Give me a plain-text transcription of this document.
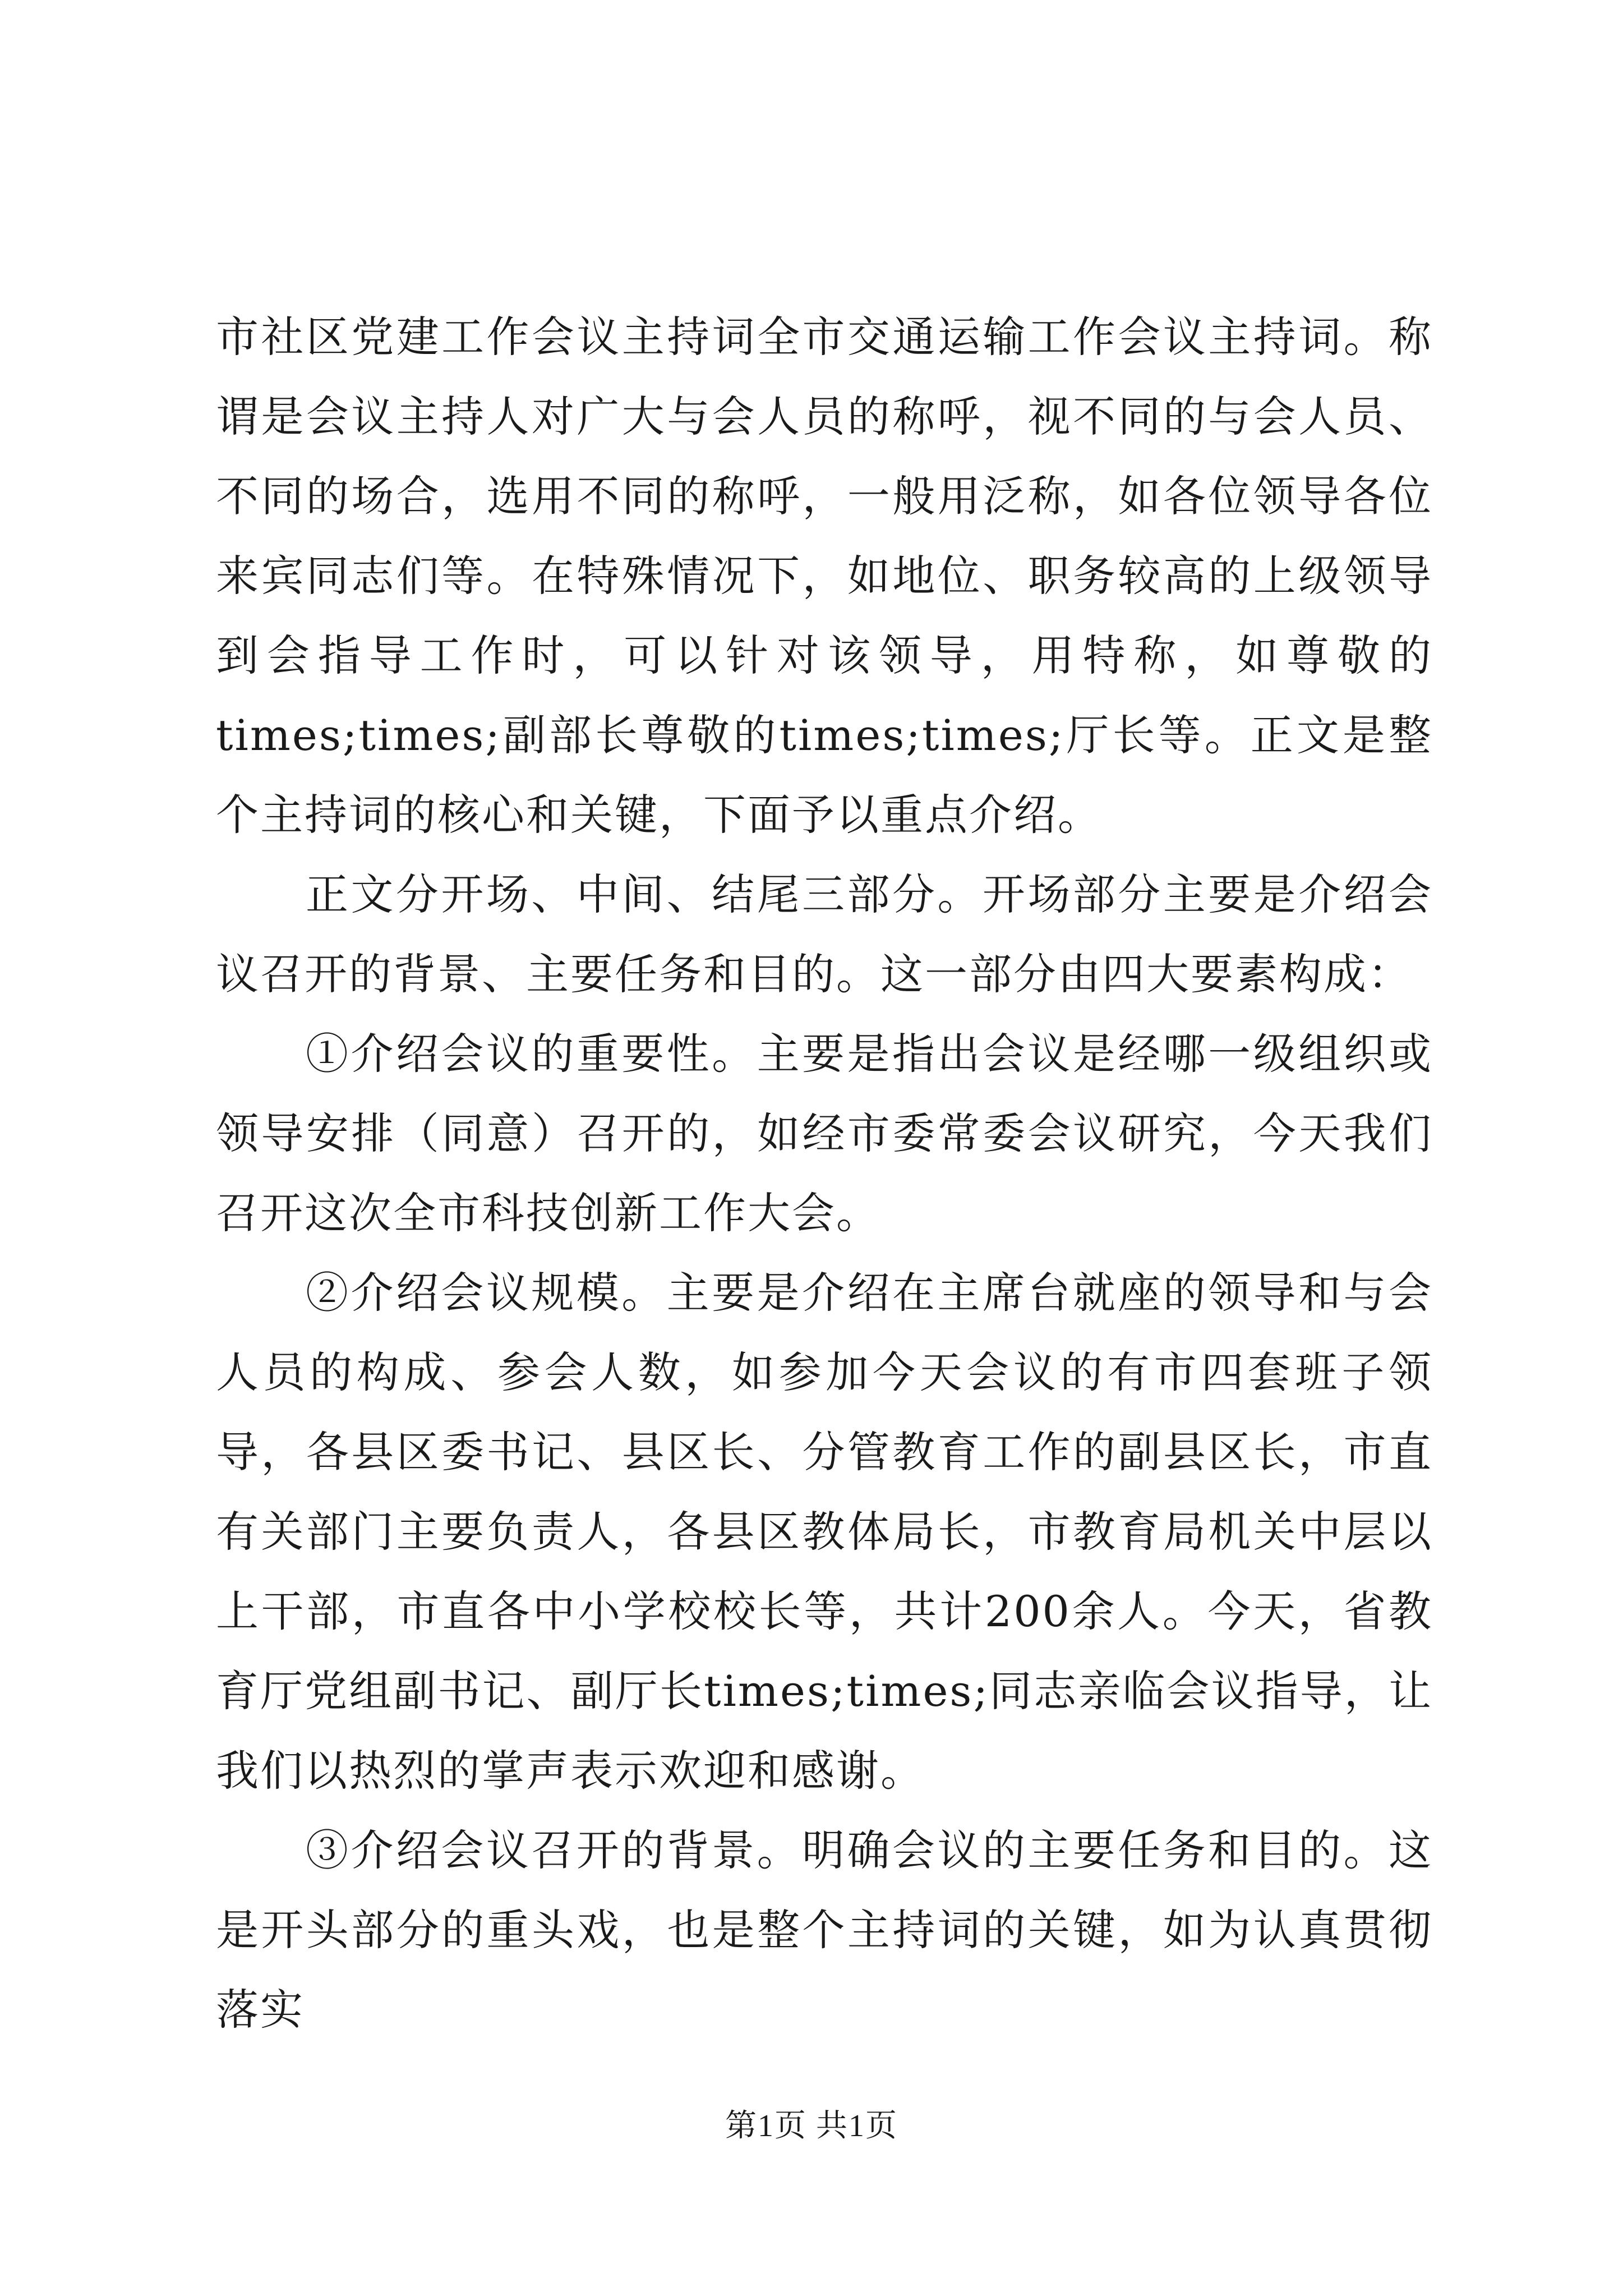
市社区党建工作会议主持词全市交通运输工作会议主持词。称谓是会议主持人对广大与会人员的称呼，视不同的与会人员、不同的场合，选用不同的称呼，一般用泛称，如各位领导各位来宾同志们等。在特殊情况下，如地位、职务较高的上级领导到会指导工作时，可以针对该领导，用特称，如尊敬的times;times;副部长尊敬的times;times;厅长等。正文是整个主持词的核心和关键，下面予以重点介绍。

正文分开场、中间、结尾三部分。开场部分主要是介绍会议召开的背景、主要任务和目的。这一部分由四大要素构成：

①介绍会议的重要性。主要是指出会议是经哪一级组织或领导安排（同意）召开的，如经市委常委会议研究，今天我们召开这次全市科技创新工作大会。

②介绍会议规模。主要是介绍在主席台就座的领导和与会人员的构成、参会人数，如参加今天会议的有市四套班子领导，各县区委书记、县区长、分管教育工作的副县区长，市直有关部门主要负责人，各县区教体局长，市教育局机关中层以上干部，市直各中小学校校长等，共计200余人。今天，省教育厅党组副书记、副厅长times;times;同志亲临会议指导，让我们以热烈的掌声表示欢迎和感谢。

③介绍会议召开的背景。明确会议的主要任务和目的。这是开头部分的重头戏，也是整个主持词的关键，如为认真贯彻落实

第1页 共1页
